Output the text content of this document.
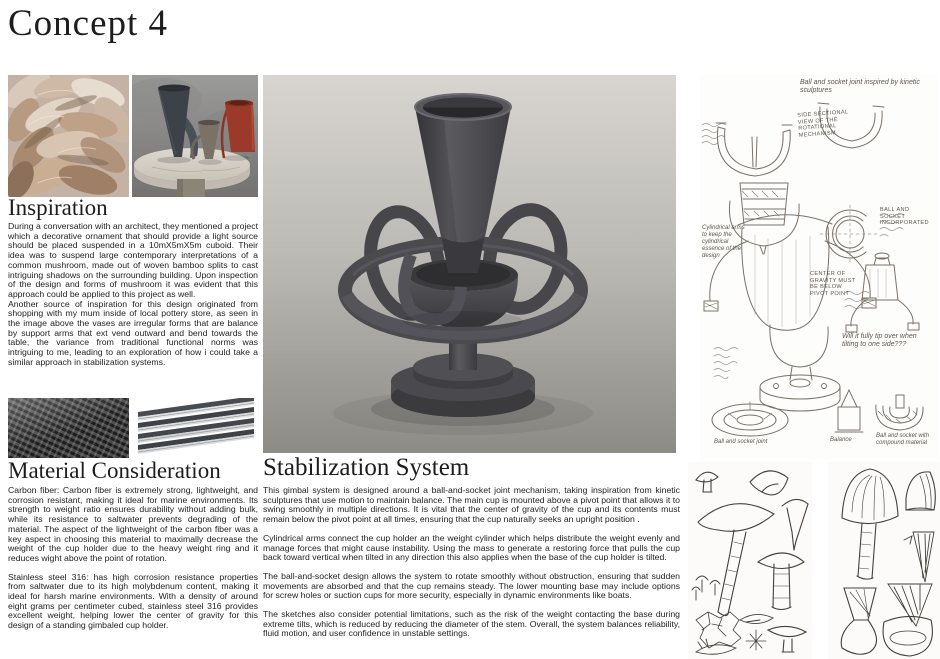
Concept 4
Inspiration

During a conversation with an architect, they mentioned a project which a decorative ornament that should provide a light source should be placed suspended in a 10mX5mX5m cuboid. Their idea was to suspend large contemporary interpretations of a common mushroom, made out of woven bamboo splits to cast intriguing shadows on the surrounding building. Upon inspection of the design and forms of mushroom it was evident that this approach could be applied to this project as well.

Another source of inspiration for this design originated from shopping with my mum inside of local pottery store, as seen in the image above the vases are irregular forms that are balance by support arms that ext vend outward and bend towards the table, the variance from traditional functional norms was intriguing to me, leading to an exploration of how i could take a similar approach in stabilization systems.

Material Consideration

Carbon fiber: Carbon fiber is extremely strong, lightweight, and corrosion resistant, making it ideal for marine environments. Its strength to weight ratio ensures durability without adding bulk, while its resistance to saltwater prevents degrading of the material. The aspect of the lightweight of the carbon fiber was a key aspect in choosing this material to maximally decrease the weight of the cup holder due to the heavy weight ring and it reduces wight above the point of rotation.

Stainless steel 316: has high corrosion resistance properties from saltwater due to its high molybdenum content, making it ideal for harsh marine environments. With a density of around eight grams per centimeter cubed, stainless steel 316 provides excellent weight, helping lower the center of gravity for this design of a standing gimbaled cup holder.

Stabilization System

This gimbal system is designed around a ball-and-socket joint mechanism, taking inspiration from kinetic sculptures that use motion to maintain balance. The main cup is mounted above a pivot point that allows it to swing smoothly in multiple directions. It is vital that the center of gravity of the cup and its contents must remain below the pivot point at all times, ensuring that the cup naturally seeks an upright position .

Cylindrical arms connect the cup holder an the weight cylinder which helps distribute the weight evenly and manage forces that might cause instability. Using the mass to generate a restoring force that pulls the cup back toward vertical when tilted in any direction this also applies when the base of the cup holder is tilted.

The ball-and-socket design allows the system to rotate smoothly without obstruction, ensuring that sudden movements are absorbed and that the cup remains steady. The lower mounting base may include options for screw holes or suction cups for more security, especially in dynamic environments like boats.

The sketches also consider potential limitations, such as the risk of the weight contacting the base during extreme tilts, which is reduced by reducing the diameter of the stem. Overall, the system balances reliability, fluid motion, and user confidence in unstable settings.

Ball and socket joint inspired by kinetic sculptures
SIDE SECTIONAL VIEW OF THE ROTATIONAL MECHANISM
BALL AND SOCKET INCORPORATED
CENTER OF GRAVITY MUST BE BELOW PIVOT POINT
Cylindrical arms to keep the cylindrical essence of the design
Will it fully tip over when tilting to one side???
Ball and socket joint	Balance
Ball and socket with compound material
